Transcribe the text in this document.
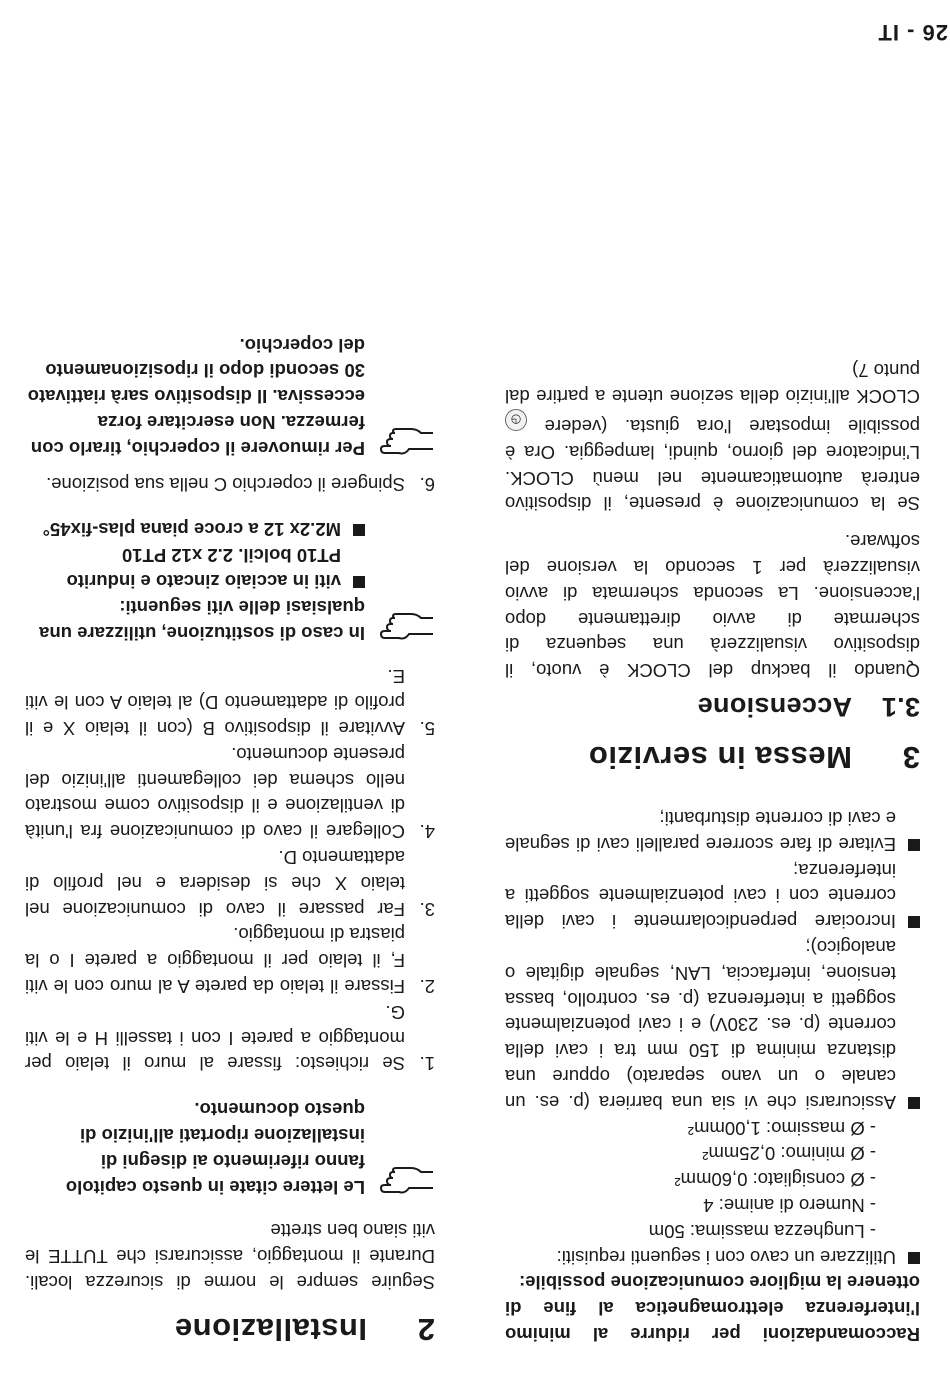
26 - IT

Raccomandazioni per ridurre al minimo l'interferenza elettromagnetica al fine di ottenere la migliore comunicazione possibile:

Utilizzare un cavo con i seguenti requisiti:
- Lunghezza massima: 50m
- Numero di anime: 4
- Ø consigliato: 0,60mm²
- Ø minimo: 0,25mm²
- Ø massimo: 1,00mm²
Assicurarsi che vi sia una barriera (p. es. un canale o un vano separato) oppure una distanza minima di 150 mm tra i cavi della corrente (p. es. 230V) e i cavi potenzialmente soggetti a interferenza (p. es. controllo, bassa tensione, interfaccia, LAN, segnale digitale o analogico);
Incrociare perpendicolarmente i cavi della corrente con i cavi potenzialmente soggetti a interferenza;
Evitare di fare scorrere paralleli cavi di segnale e cavi di corrente disturbanti;
3
Messa in servizio
3.1
Accensione

Quando il backup del CLOCK è vuoto, il dispositivo visualizzerà una sequenza di schermate di avvio direttamente dopo l'accensione. La seconda schermata di avvio visualizzerà per 1 secondo la versione del software.

Se la comunicazione è presente, il dispositivo entrerà automaticamente nel menù CLOCK. L'indicatore del giorno, quindi, lampeggia. Ora è possibile impostare l'ora giusta. (vedere ◷ CLOCK all'inizio della sezione utente a partire dal punto 7)

2
Installazione

Seguire sempre le norme di sicurezza locali. Durante il montaggio, assicurarsi che TUTTE le viti siano ben strette

Le lettere citate in questo capitolo fanno riferimento ai disegni di installazione riportati all'inizio di questo documento.
1.
Se richiesto: fissare al muro il telaio per montaggio a parete I con i tasselli H e le viti G.
2.
Fissare il telaio da parete A al muro con le viti F, il telaio per il montaggio a parete I o la piastra di montaggio.
3.
Far passare il cavo di comunicazione nel telaio X che si desidera e nel profilo di adattamento D.
4.
Collegare il cavo di comunicazione fra l'unità di ventilazione e il dispositivo come mostrato nello schema dei collegamenti all'inizio del presente documento.
5.
Avvitare il dispositivo B (con il telaio X e il profilo di adattamento D) al telaio A con le viti E.
In caso di sostituzione, utilizzare una qualsiasi delle viti seguenti:
viti in acciaio zincato e indurito PT10 bolcil. 2.2 x12 PT10
M2.2x 12 a croce piana plas-fix45°
6.
Spingere il coperchio C nella sua posizione.
Per rimuovere il coperchio, tirarlo con fermezza. Non esercitare forza eccessiva. Il dispositivo sarà riattivato 30 secondi dopo il riposizionamento del coperchio.
